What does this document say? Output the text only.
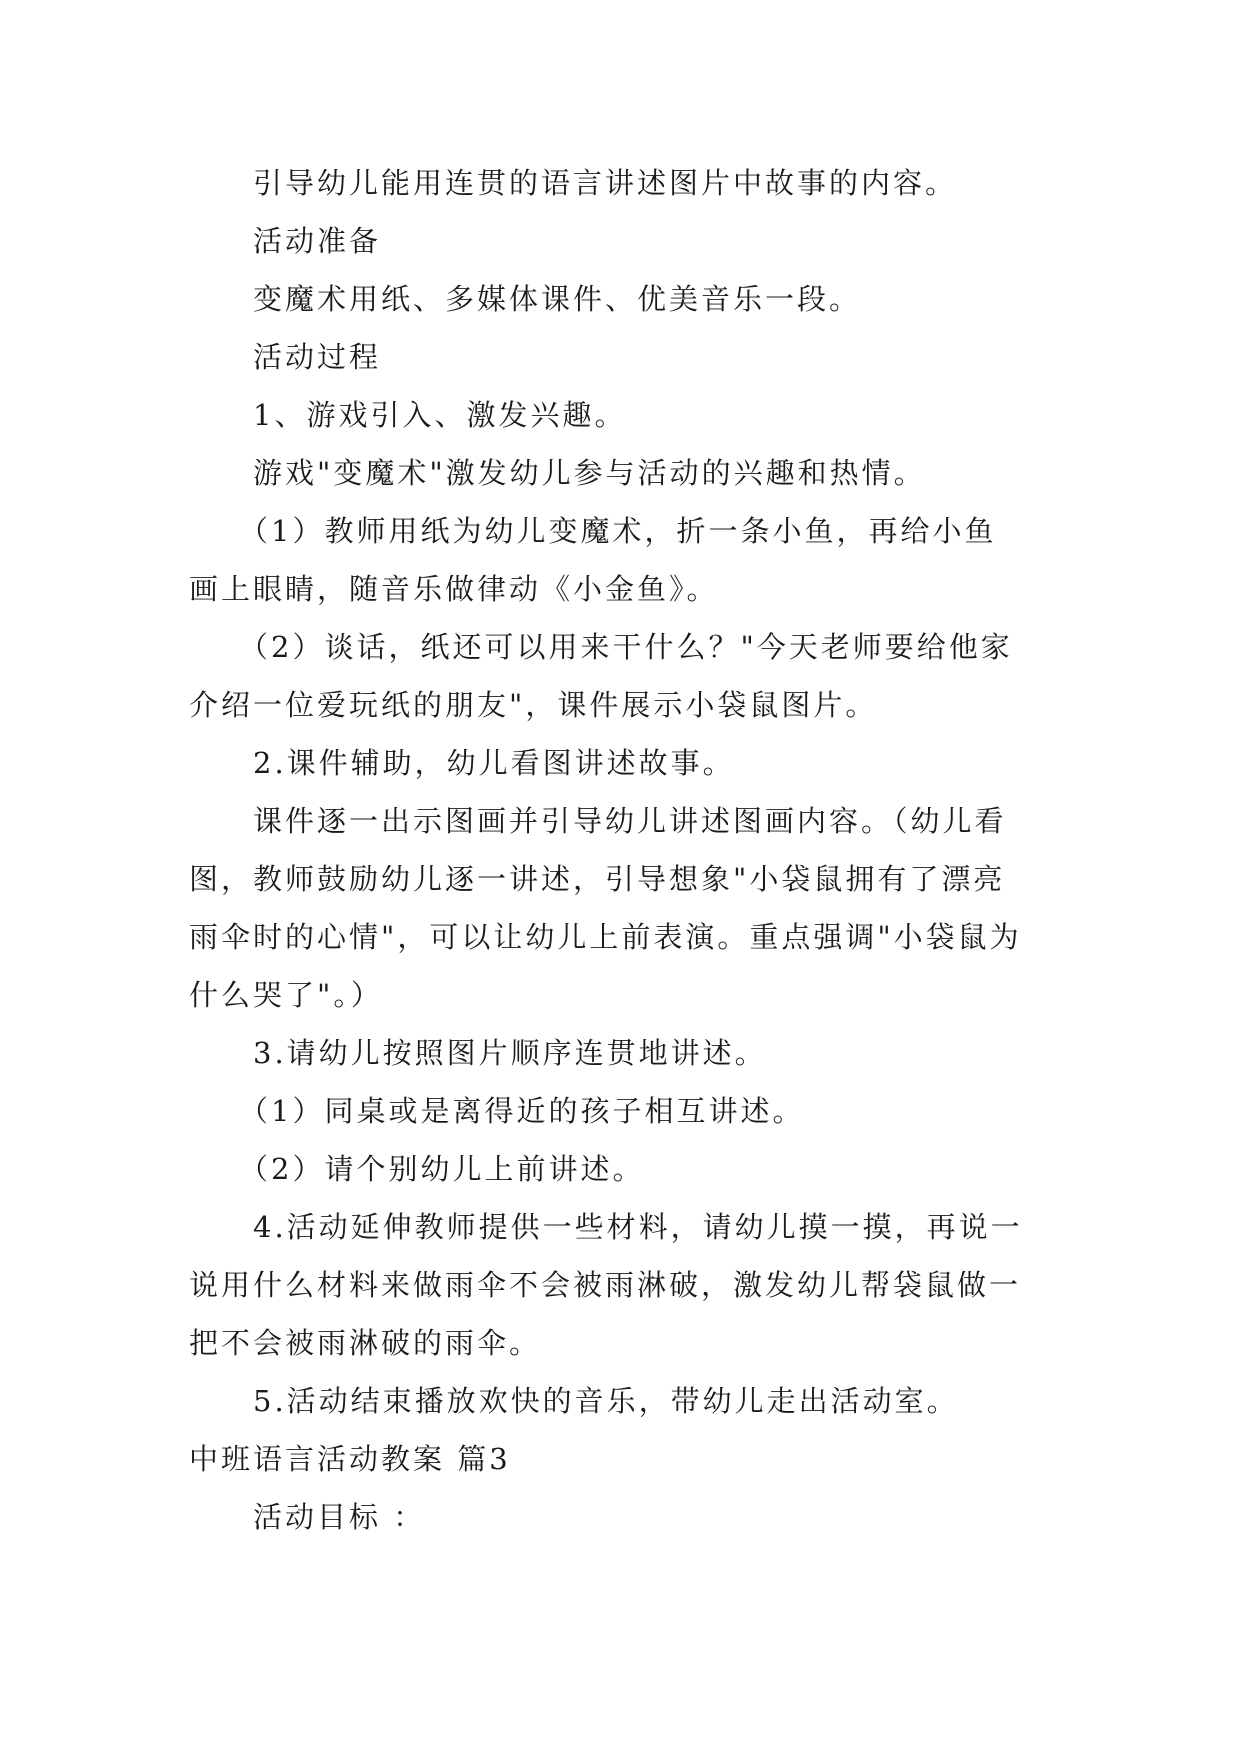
引导幼儿能用连贯的语言讲述图片中故事的内容。

活动准备

变魔术用纸、多媒体课件、优美音乐一段。

活动过程

1、游戏引入、激发兴趣。

游戏"变魔术"激发幼儿参与活动的兴趣和热情。

（1）教师用纸为幼儿变魔术，折一条小鱼，再给小鱼

画上眼睛，随音乐做律动《小金鱼》。

（2）谈话，纸还可以用来干什么？"今天老师要给他家

介绍一位爱玩纸的朋友"，课件展示小袋鼠图片。

2.课件辅助，幼儿看图讲述故事。

课件逐一出示图画并引导幼儿讲述图画内容。（幼儿看

图，教师鼓励幼儿逐一讲述，引导想象"小袋鼠拥有了漂亮

雨伞时的心情"，可以让幼儿上前表演。重点强调"小袋鼠为

什么哭了"。）

3.请幼儿按照图片顺序连贯地讲述。

（1）同桌或是离得近的孩子相互讲述。

（2）请个别幼儿上前讲述。

4.活动延伸教师提供一些材料，请幼儿摸一摸，再说一

说用什么材料来做雨伞不会被雨淋破，激发幼儿帮袋鼠做一

把不会被雨淋破的雨伞。

5.活动结束播放欢快的音乐，带幼儿走出活动室。

中班语言活动教案 篇3

活动目标 ：
